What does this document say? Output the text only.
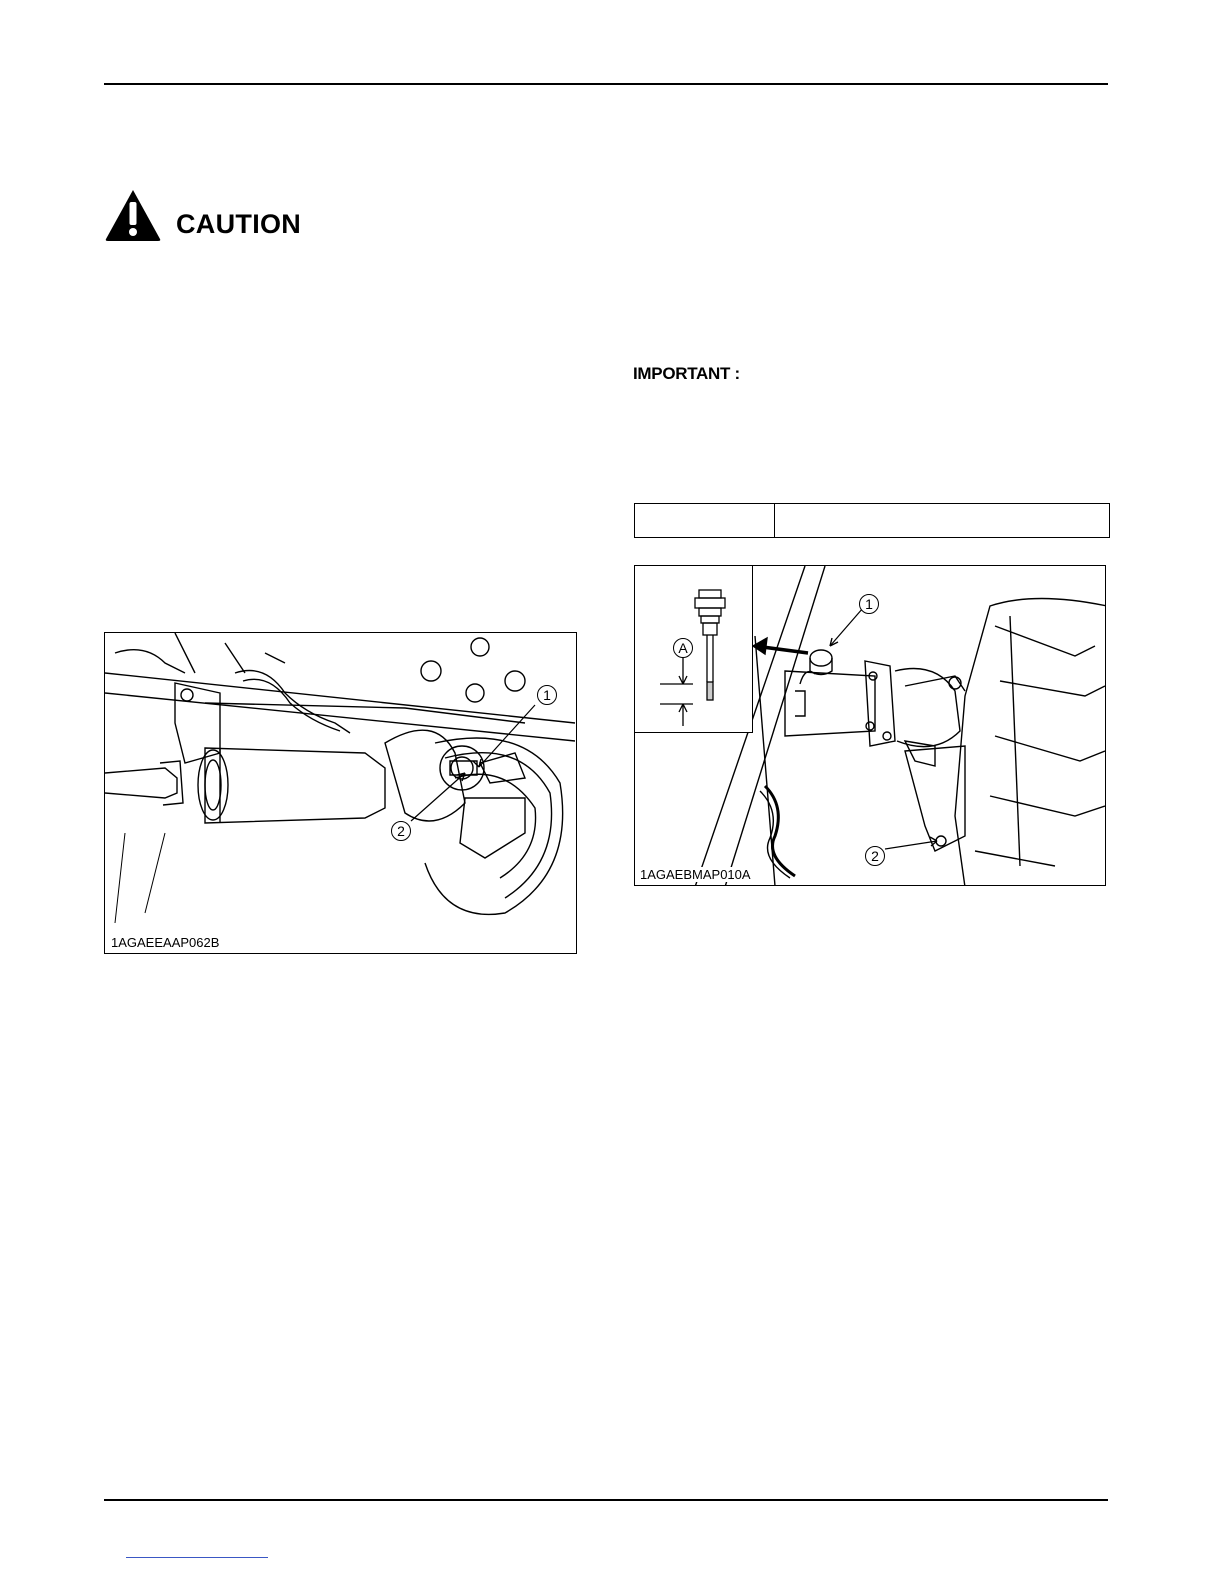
CAUTION
IMPORTANT :
1
2
1AGAEEAAP062B
A
1
2
1AGAEBMAP010A
